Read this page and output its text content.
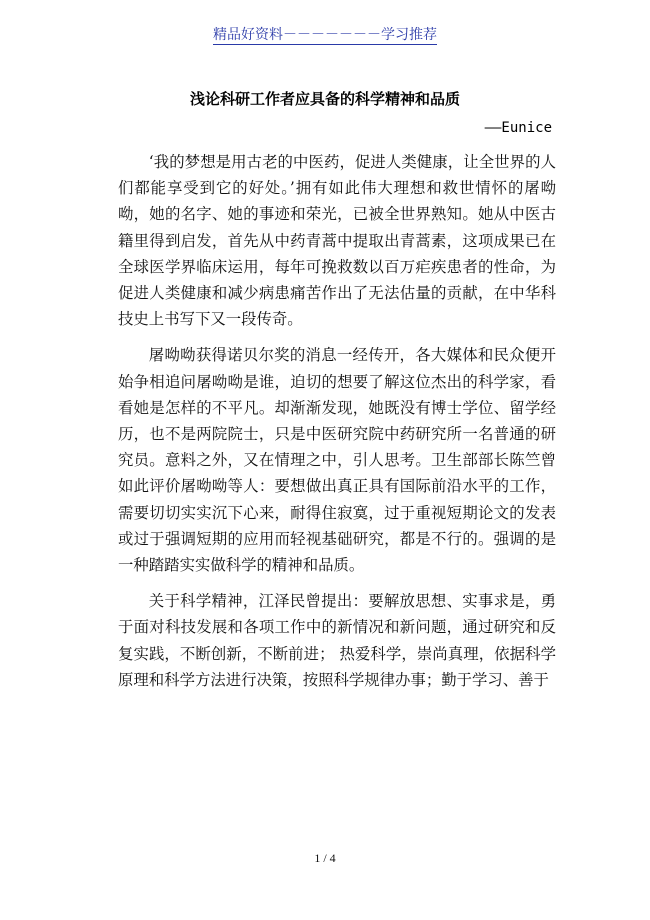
精品好资料－－－－－－－学习推荐
浅论科研工作者应具备的科学精神和品质
——Eunice

‘我的梦想是用古老的中医药，促进人类健康，让全世界的人们都能享受到它的好处。’拥有如此伟大理想和救世情怀的屠呦呦，她的名字、她的事迹和荣光，已被全世界熟知。她从中医古籍里得到启发，首先从中药青蒿中提取出青蒿素，这项成果已在全球医学界临床运用，每年可挽救数以百万疟疾患者的性命，为促进人类健康和减少病患痛苦作出了无法估量的贡献，在中华科技史上书写下又一段传奇。

屠呦呦获得诺贝尔奖的消息一经传开，各大媒体和民众便开始争相追问屠呦呦是谁，迫切的想要了解这位杰出的科学家，看看她是怎样的不平凡。却渐渐发现，她既没有博士学位、留学经历，也不是两院院士，只是中医研究院中药研究所一名普通的研究员。意料之外，又在情理之中，引人思考。卫生部部长陈竺曾如此评价屠呦呦等人：要想做出真正具有国际前沿水平的工作，需要切切实实沉下心来，耐得住寂寞，过于重视短期论文的发表或过于强调短期的应用而轻视基础研究，都是不行的。强调的是一种踏踏实实做科学的精神和品质。

关于科学精神，江泽民曾提出：要解放思想、实事求是，勇于面对科技发展和各项工作中的新情况和新问题，通过研究和反复实践，不断创新，不断前进； 热爱科学，崇尚真理，依据科学原理和科学方法进行决策，按照科学规律办事；勤于学习、善于

1 / 4
